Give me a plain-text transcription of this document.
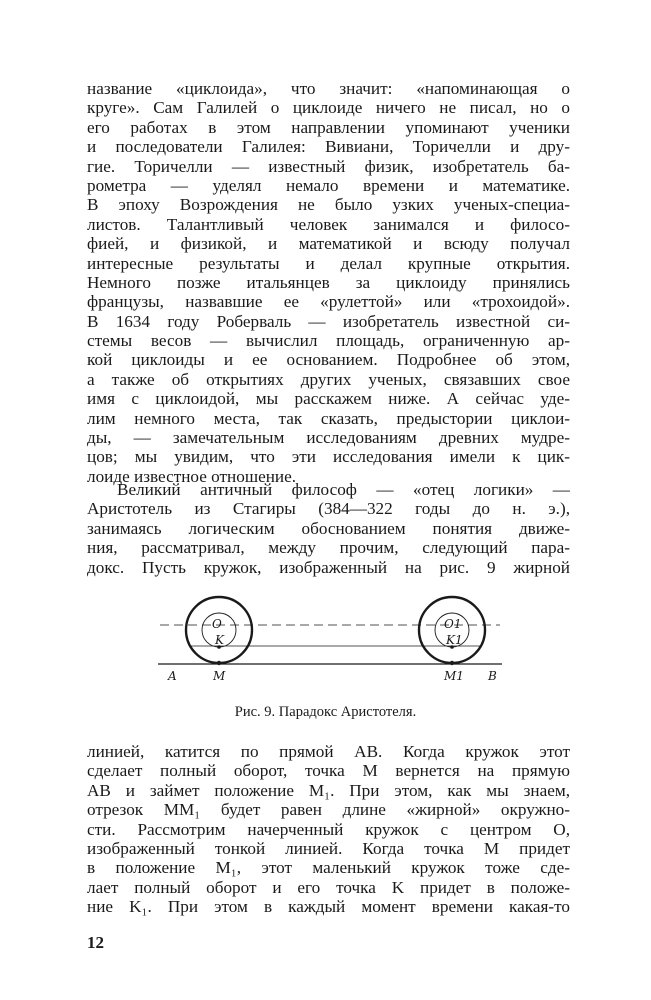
название «циклоида», что значит: «напоминающая о
круге». Сам Галилей о циклоиде ничего не писал, но о
его работах в этом направлении упоминают ученики
и последователи Галилея: Вивиани, Торичелли и дру-
гие. Торичелли — известный физик, изобретатель ба-
рометра — уделял немало времени и математике.
В эпоху Возрождения не было узких ученых-специа-
листов. Талантливый человек занимался и филосо-
фией, и физикой, и математикой и всюду получал
интересные результаты и делал крупные открытия.
Немного позже итальянцев за циклоиду принялись
французы, назвавшие ее «рулеттой» или «трохоидой».
В 1634 году Роберваль — изобретатель известной си-
стемы весов — вычислил площадь, ограниченную ар-
кой циклоиды и ее основанием. Подробнее об этом,
а также об открытиях других ученых, связавших свое
имя с циклоидой, мы расскажем ниже. А сейчас уде-
лим немного места, так сказать, предыстории циклои-
ды, — замечательным исследованиям древних мудре-
цов; мы увидим, что эти исследования имели к цик-
лоиде известное отношение.
Великий античный философ — «отец логики» —
Аристотель из Стагиры (384—322 годы до н. э.),
занимаясь логическим обоснованием понятия движе-
ния, рассматривал, между прочим, следующий пара-
докс. Пусть кружок, изображенный на рис. 9 жирной
A	M
O
K
O1
K1
M1 B
Рис. 9. Парадокс Аристотеля.
линией, катится по прямой AB. Когда кружок этот
сделает полный оборот, точка M вернется на прямую
AB и займет положение M₁. При этом, как мы знаем,
отрезок MM₁ будет равен длине «жирной» окружно-
сти. Рассмотрим начерченный кружок с центром O,
изображенный тонкой линией. Когда точка M придет
в положение M₁, этот маленький кружок тоже сде-
лает полный оборот и его точка K придет в положе-
ние K₁. При этом в каждый момент времени какая-то
12
